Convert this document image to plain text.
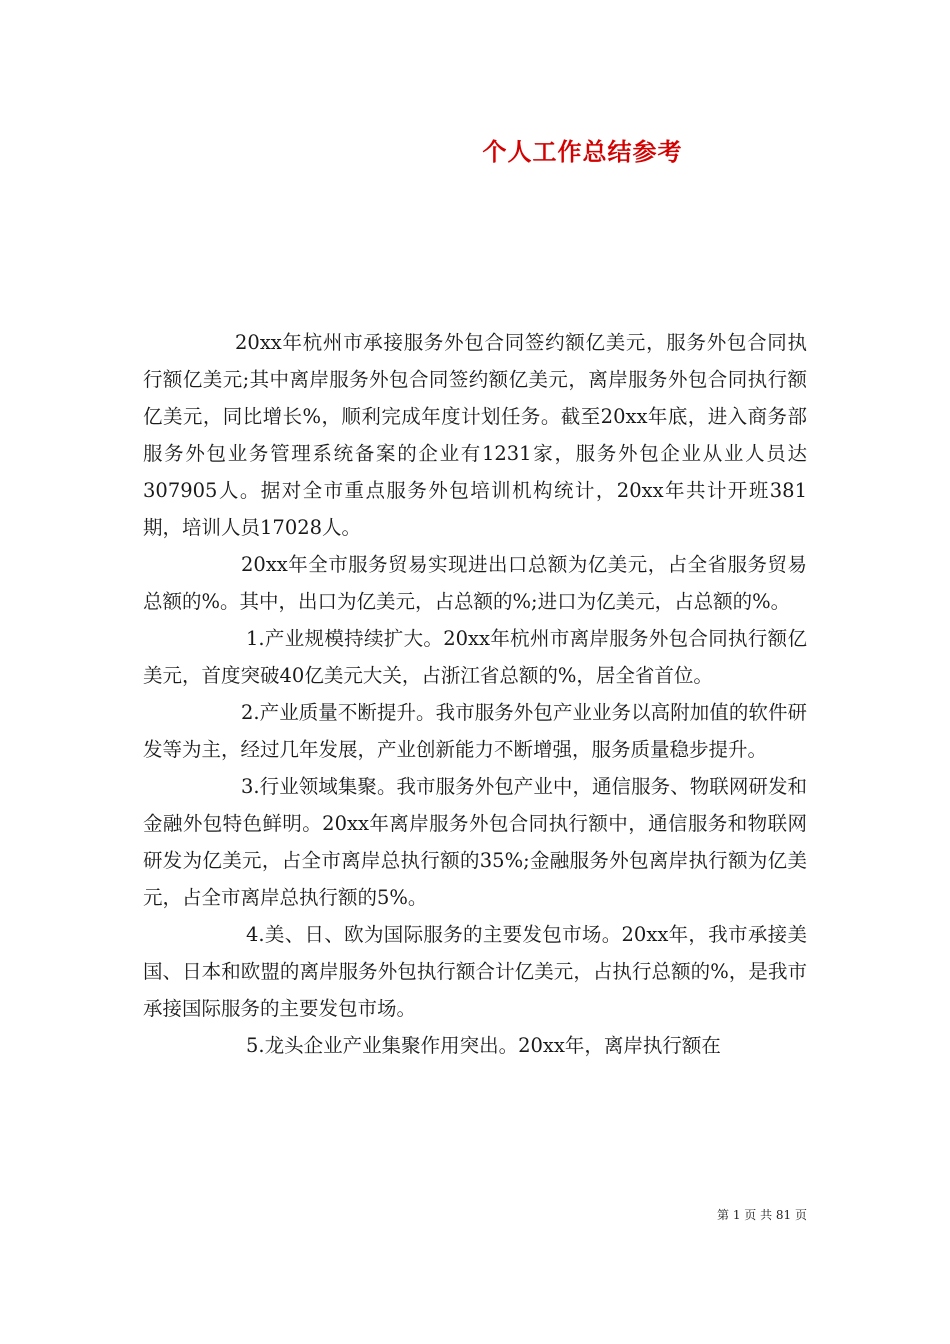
个人工作总结参考

20xx年杭州市承接服务外包合同签约额亿美元，服务外包合同执行额亿美元;其中离岸服务外包合同签约额亿美元，离岸服务外包合同执行额亿美元，同比增长%，顺利完成年度计划任务。截至20xx年底，进入商务部服务外包业务管理系统备案的企业有1231家，服务外包企业从业人员达307905人。据对全市重点服务外包培训机构统计，20xx年共计开班381期，培训人员17028人。

20xx年全市服务贸易实现进出口总额为亿美元，占全省服务贸易总额的%。其中，出口为亿美元，占总额的%;进口为亿美元，占总额的%。

1.产业规模持续扩大。20xx年杭州市离岸服务外包合同执行额亿美元，首度突破40亿美元大关，占浙江省总额的%，居全省首位。

2.产业质量不断提升。我市服务外包产业业务以高附加值的软件研发等为主，经过几年发展，产业创新能力不断增强，服务质量稳步提升。

3.行业领域集聚。我市服务外包产业中，通信服务、物联网研发和金融外包特色鲜明。20xx年离岸服务外包合同执行额中，通信服务和物联网研发为亿美元，占全市离岸总执行额的35%;金融服务外包离岸执行额为亿美元，占全市离岸总执行额的5%。

4.美、日、欧为国际服务的主要发包市场。20xx年，我市承接美国、日本和欧盟的离岸服务外包执行额合计亿美元，占执行总额的%，是我市承接国际服务的主要发包市场。

5.龙头企业产业集聚作用突出。20xx年，离岸执行额在

第 1 页 共 81 页
